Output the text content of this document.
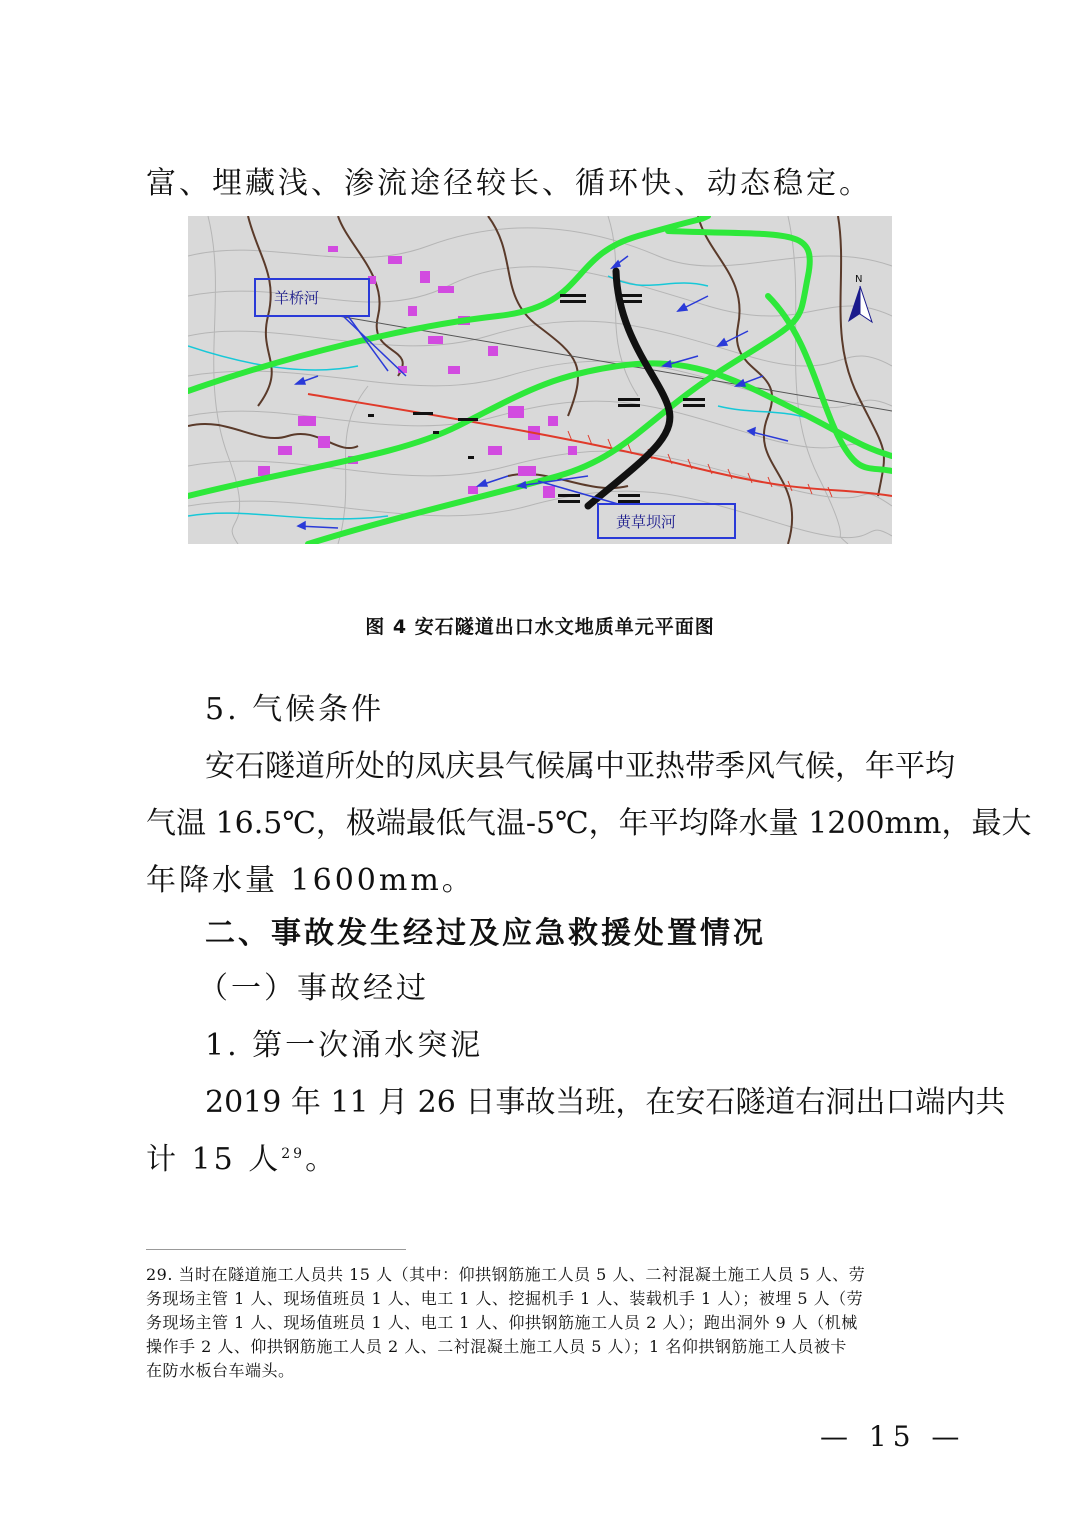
富、埋藏浅、渗流途径较长、循环快、动态稳定。
羊桥河
黄草坝河
N
图 4 安石隧道出口水文地质单元平面图
5. 气候条件
安石隧道所处的凤庆县气候属中亚热带季风气候，年平均
气温 16.5℃，极端最低气温-5℃，年平均降水量 1200mm，最大
年降水量 1600mm。
二、事故发生经过及应急救援处置情况
（一）事故经过
1. 第一次涌水突泥
2019 年 11 月 26 日事故当班，在安石隧道右洞出口端内共
计 15 人$^{29}$。
29. 当时在隧道施工人员共 15 人（其中：仰拱钢筋施工人员 5 人、二衬混凝土施工人员 5 人、劳
务现场主管 1 人、现场值班员 1 人、电工 1 人、挖掘机手 1 人、装载机手 1 人）；被埋 5 人（劳
务现场主管 1 人、现场值班员 1 人、电工 1 人、仰拱钢筋施工人员 2 人）；跑出洞外 9 人（机械
操作手 2 人、仰拱钢筋施工人员 2 人、二衬混凝土施工人员 5 人）；1 名仰拱钢筋施工人员被卡
在防水板台车端头。
— 15 —
